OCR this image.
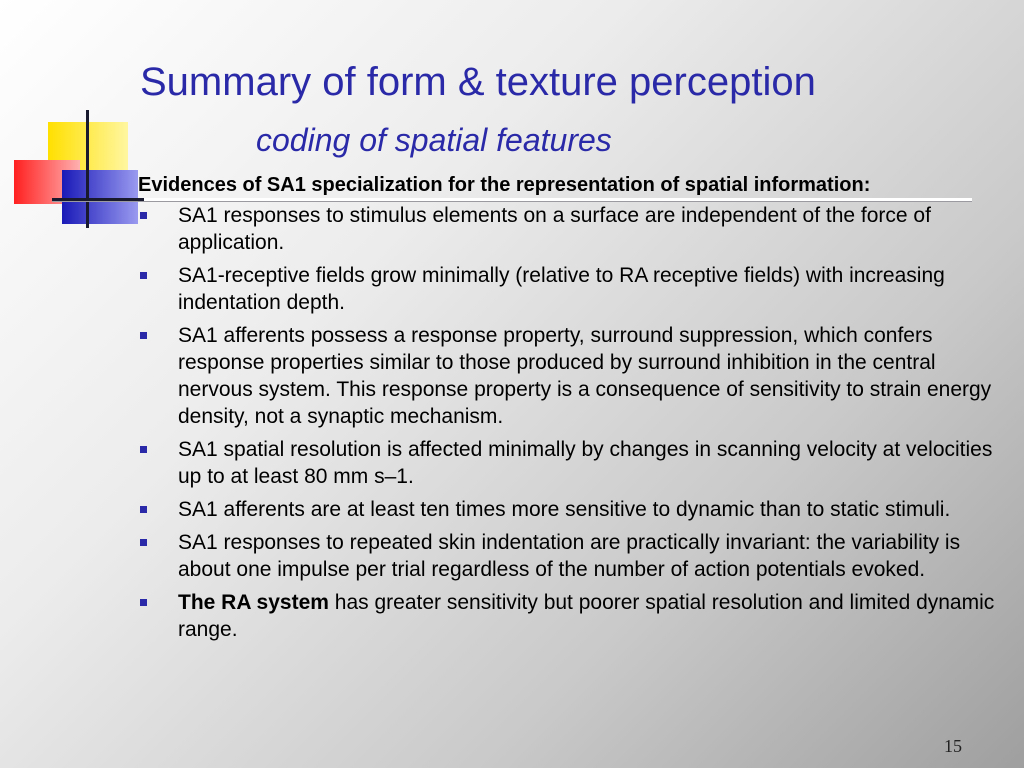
Summary of form & texture perception
coding of spatial features
Evidences of SA1 specialization for the representation of spatial information:
SA1 responses to stimulus elements on a surface are independent of the force of application.
SA1-receptive fields grow minimally (relative to RA receptive fields) with increasing indentation depth.
SA1 afferents possess a response property, surround suppression, which confers response properties similar to those produced by surround inhibition in the central nervous system. This response property is a consequence of sensitivity to strain energy density, not a synaptic mechanism.
SA1 spatial resolution is affected minimally by changes in scanning velocity at velocities up to at least 80 mm s–1.
SA1 afferents are at least ten times more sensitive to dynamic than to static stimuli.
SA1 responses to repeated skin indentation are practically invariant: the variability is about one impulse per trial regardless of the number of action potentials evoked.
The RA system has greater sensitivity but poorer spatial resolution and limited dynamic range.
15
